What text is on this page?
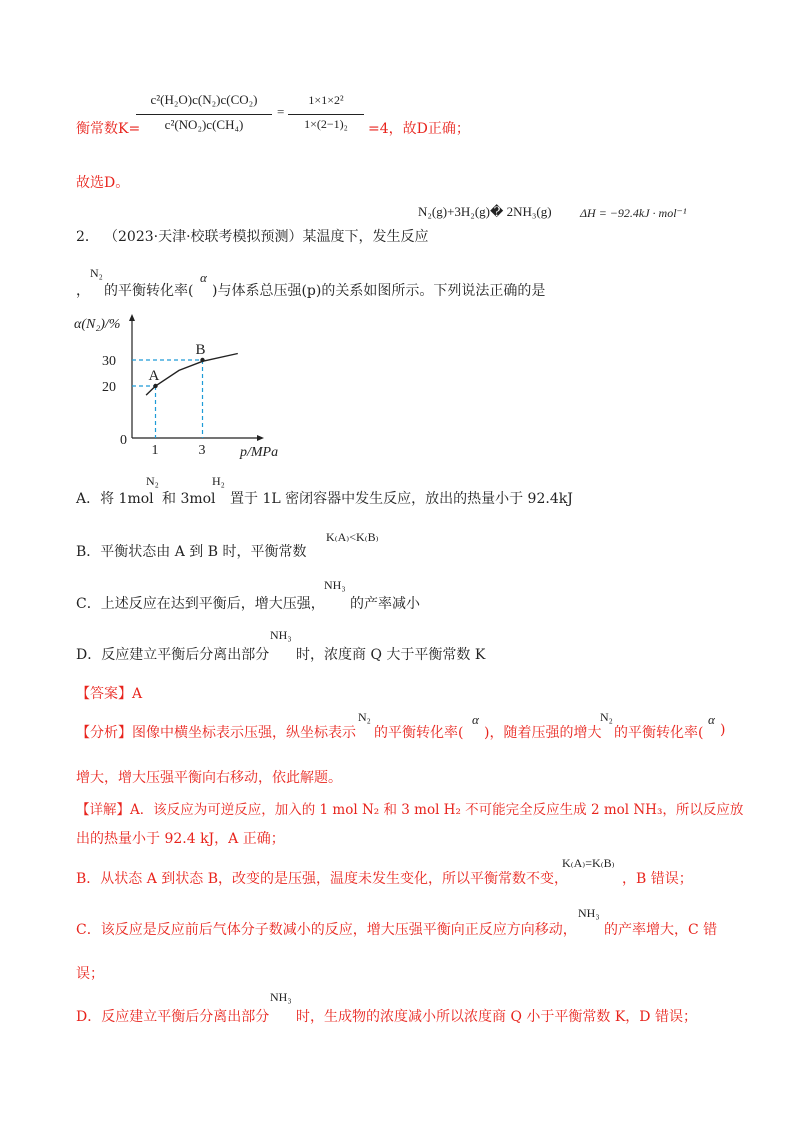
衡常数K=
c²(H₂O)c(N₂)c(CO₂)
c²(NO₂)c(CH₄)
=
1×1×2²
1×(2−1)₂	=4，故D正确；
故选D。
2． （2023·天津·校联考模拟预测）某温度下，发生反应
N₂(g)+3H₂(g)� 2NH₃(g) ΔH = −92.4kJ · mol⁻¹
，
N₂
的平衡转化率(
α
)与体系总压强(p)的关系如图所示。下列说法正确的是
α(N₂)/%
0
p/MPa
20
1
30
3
A
B
A．将 1mol
N₂
和 3mol
H₂
置于 1L 密闭容器中发生反应，放出的热量小于 92.4kJ
B．平衡状态由 A 到 B 时，平衡常数
K₍A₎<K₍B₎
C．上述反应在达到平衡后，增大压强，
NH₃
的产率减小
D．反应建立平衡后分离出部分
NH₃
时，浓度商 Q 大于平衡常数 K
【答案】A
【分析】图像中横坐标表示压强，纵坐标表示
N₂
的平衡转化率(
α
)，随着压强的增大
N₂
的平衡转化率(
α
)
增大，增大压强平衡向右移动，依此解题。
【详解】A．该反应为可逆反应，加入的 1 mol N₂ 和 3 mol H₂ 不可能完全反应生成 2 mol NH₃，所以反应放
出的热量小于 92.4 kJ，A 正确；
B．从状态 A 到状态 B，改变的是压强，温度未发生变化，所以平衡常数不变，
K₍A₎=K₍B₎
，B 错误；
C．该反应是反应前后气体分子数减小的反应，增大压强平衡向正反应方向移动，
NH₃
的产率增大，C 错
误；
D．反应建立平衡后分离出部分
NH₃
时，生成物的浓度减小所以浓度商 Q 小于平衡常数 K，D 错误；
